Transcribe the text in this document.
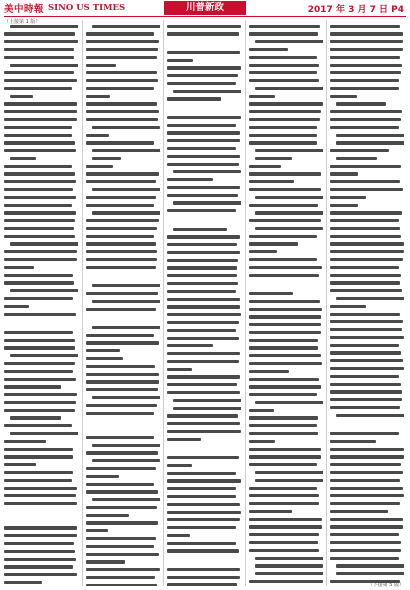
美中時報 SINO US TIMES	川普新政	2017 年 3 月 7 日 P4
（上接第 1 版）
（下接第 5 版）
